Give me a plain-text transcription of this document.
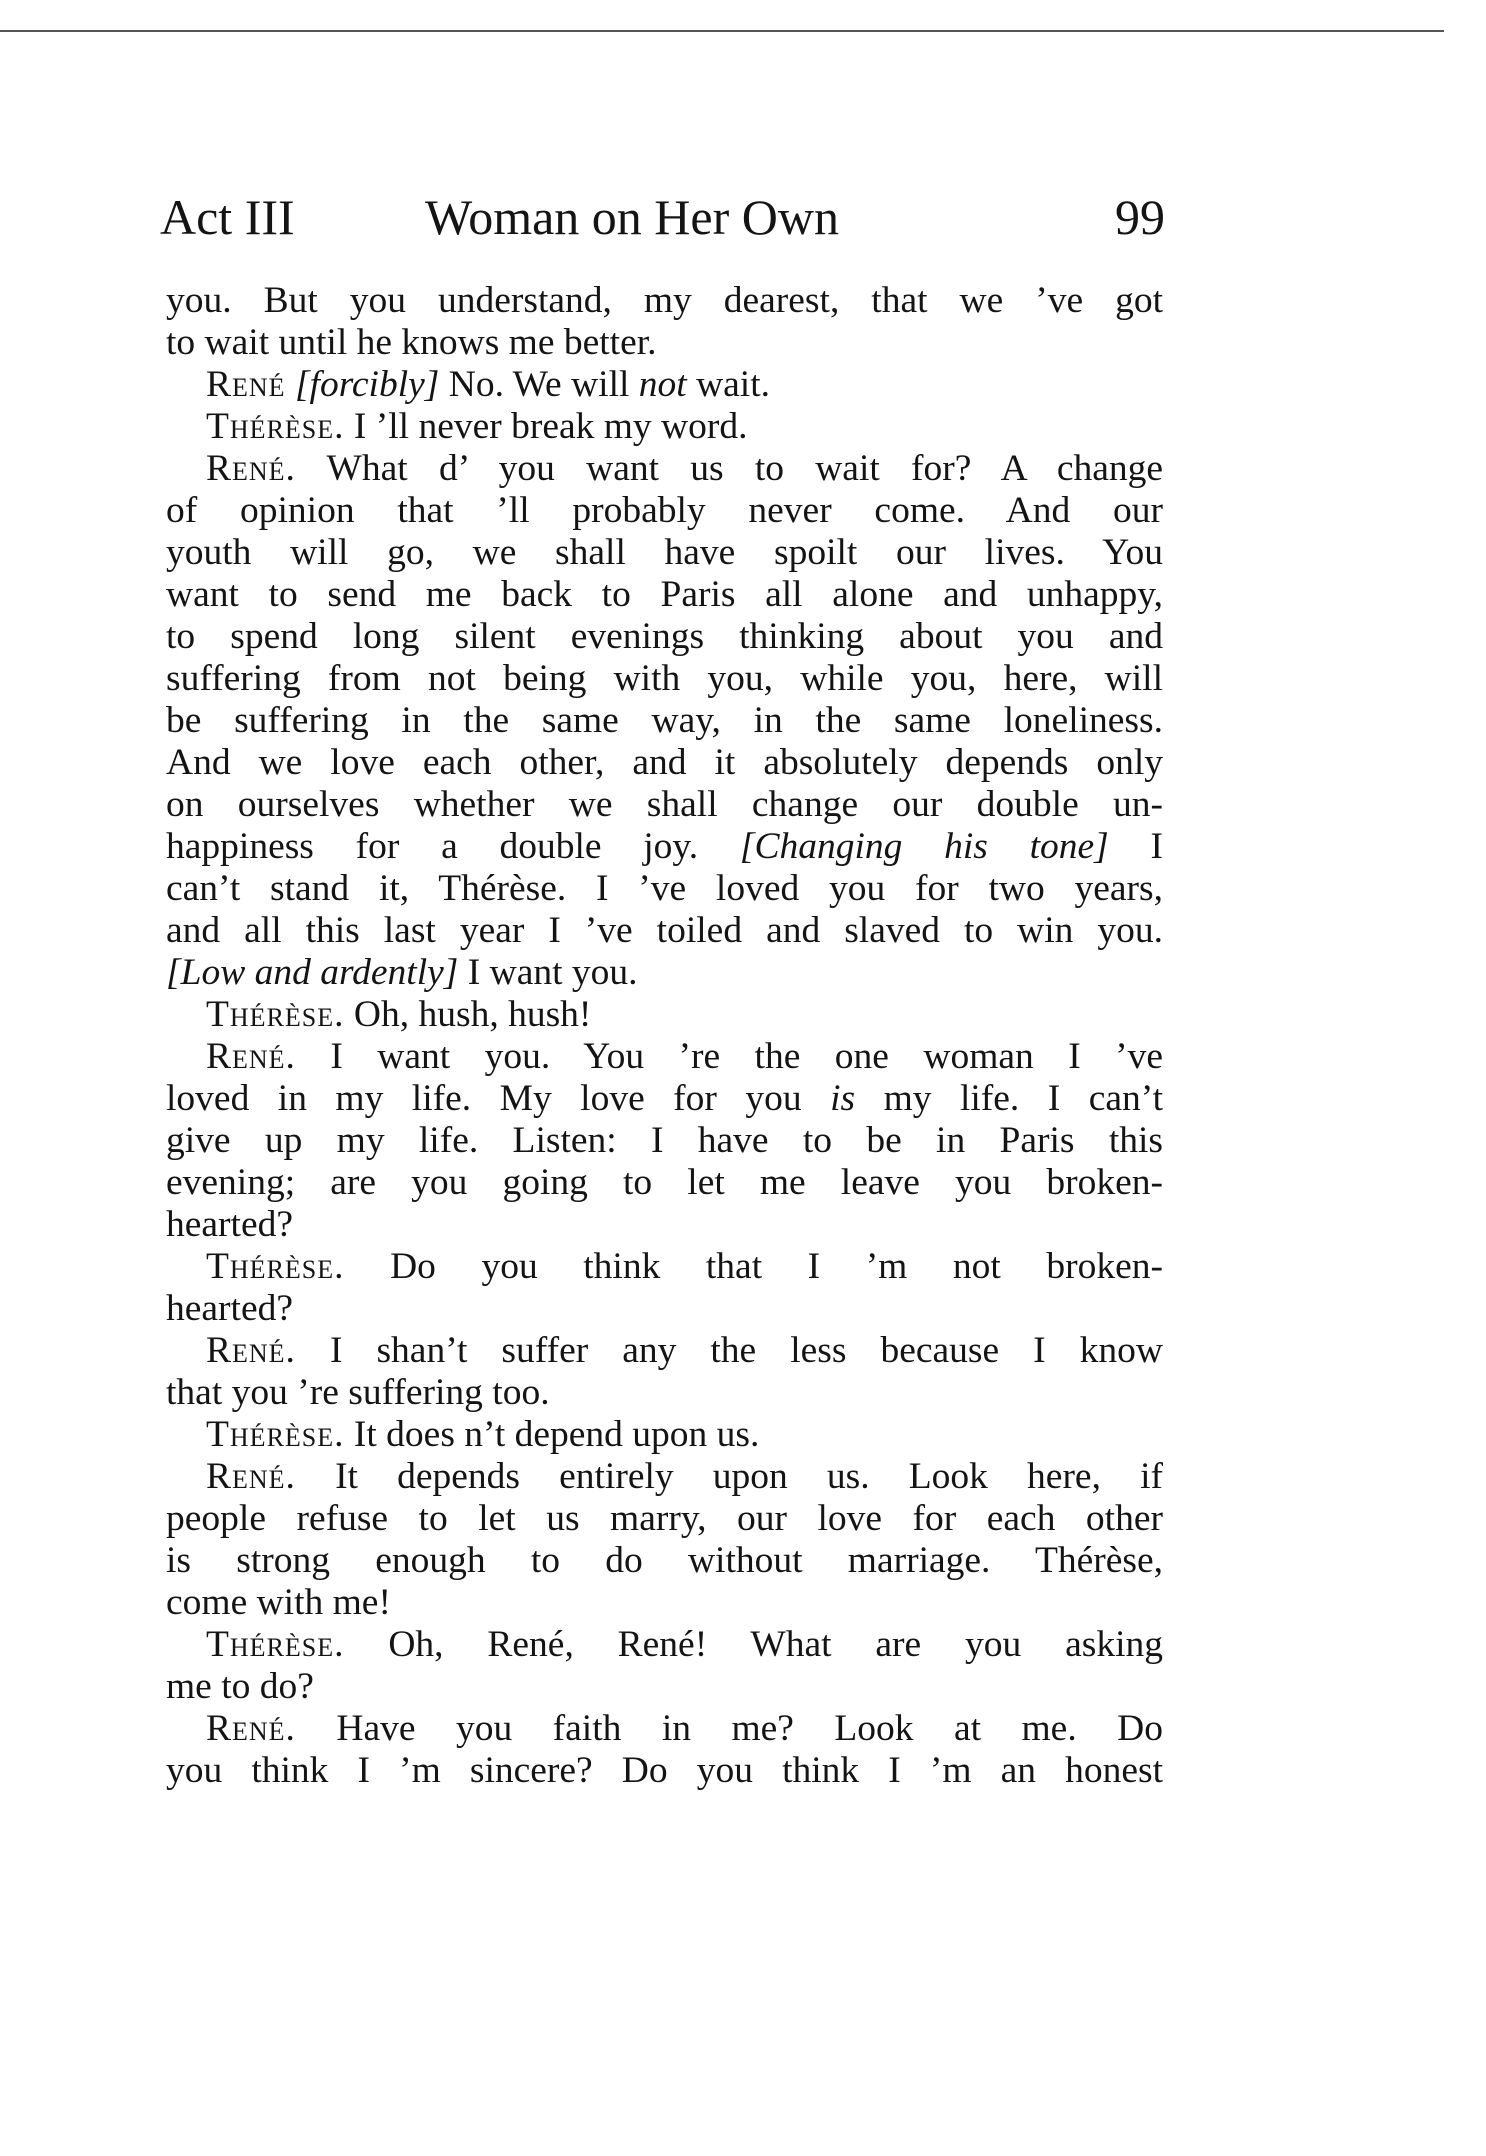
Act III	Woman on Her Own	99
you. But you understand, my dearest, that we ’ve got
to wait until he knows me better.
René [forcibly] No. We will not wait.
Thérèse. I ’ll never break my word.
René. What d’ you want us to wait for? A change
of opinion that ’ll probably never come. And our
youth will go, we shall have spoilt our lives. You
want to send me back to Paris all alone and unhappy,
to spend long silent evenings thinking about you and
suffering from not being with you, while you, here, will
be suffering in the same way, in the same loneliness.
And we love each other, and it absolutely depends only
on ourselves whether we shall change our double un-
happiness for a double joy. [Changing his tone] I
can’t stand it, Thérèse. I ’ve loved you for two years,
and all this last year I ’ve toiled and slaved to win you.
[Low and ardently] I want you.
Thérèse. Oh, hush, hush!
René. I want you. You ’re the one woman I ’ve
loved in my life. My love for you is my life. I can’t
give up my life. Listen: I have to be in Paris this
evening; are you going to let me leave you broken-
hearted?
Thérèse. Do you think that I ’m not broken-
hearted?
René. I shan’t suffer any the less because I know
that you ’re suffering too.
Thérèse. It does n’t depend upon us.
René. It depends entirely upon us. Look here, if
people refuse to let us marry, our love for each other
is strong enough to do without marriage. Thérèse,
come with me!
Thérèse. Oh, René, René! What are you asking
me to do?
René. Have you faith in me? Look at me. Do
you think I ’m sincere? Do you think I ’m an honest
